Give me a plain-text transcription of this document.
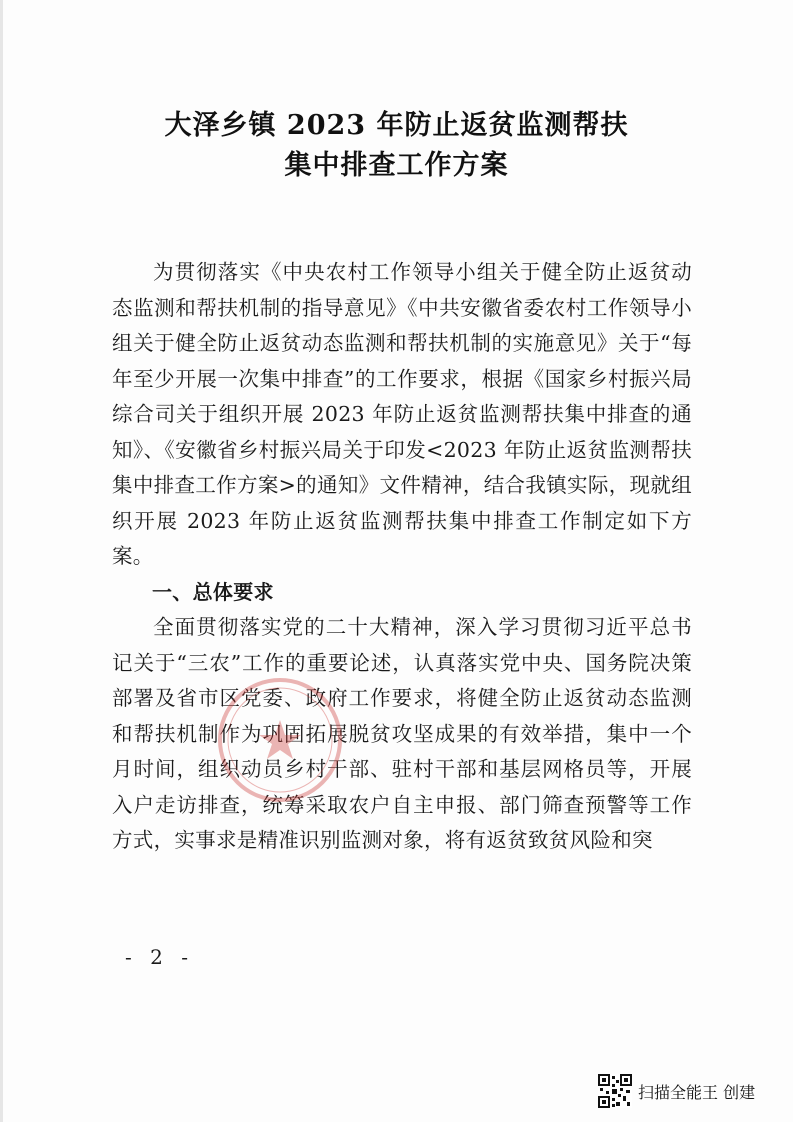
大泽乡镇 2023 年防止返贫监测帮扶
集中排查工作方案

为贯彻落实《中央农村工作领导小组关于健全防止返贫动态监测和帮扶机制的指导意见》《中共安徽省委农村工作领导小组关于健全防止返贫动态监测和帮扶机制的实施意见》关于“每年至少开展一次集中排查”的工作要求，根据《国家乡村振兴局综合司关于组织开展 2023 年防止返贫监测帮扶集中排查的通知》、《安徽省乡村振兴局关于印发<2023 年防止返贫监测帮扶集中排查工作方案>的通知》文件精神，结合我镇实际，现就组织开展 2023 年防止返贫监测帮扶集中排查工作制定如下方案。

一、总体要求

全面贯彻落实党的二十大精神，深入学习贯彻习近平总书记关于“三农”工作的重要论述，认真落实党中央、国务院决策部署及省市区党委、政府工作要求，将健全防止返贫动态监测和帮扶机制作为巩固拓展脱贫攻坚成果的有效举措，集中一个月时间，组织动员乡村干部、驻村干部和基层网格员等，开展入户走访排查，统筹采取农户自主申报、部门筛查预警等工作方式，实事求是精准识别监测对象，将有返贫致贫风险和突

- 2 -
扫描全能王 创建
